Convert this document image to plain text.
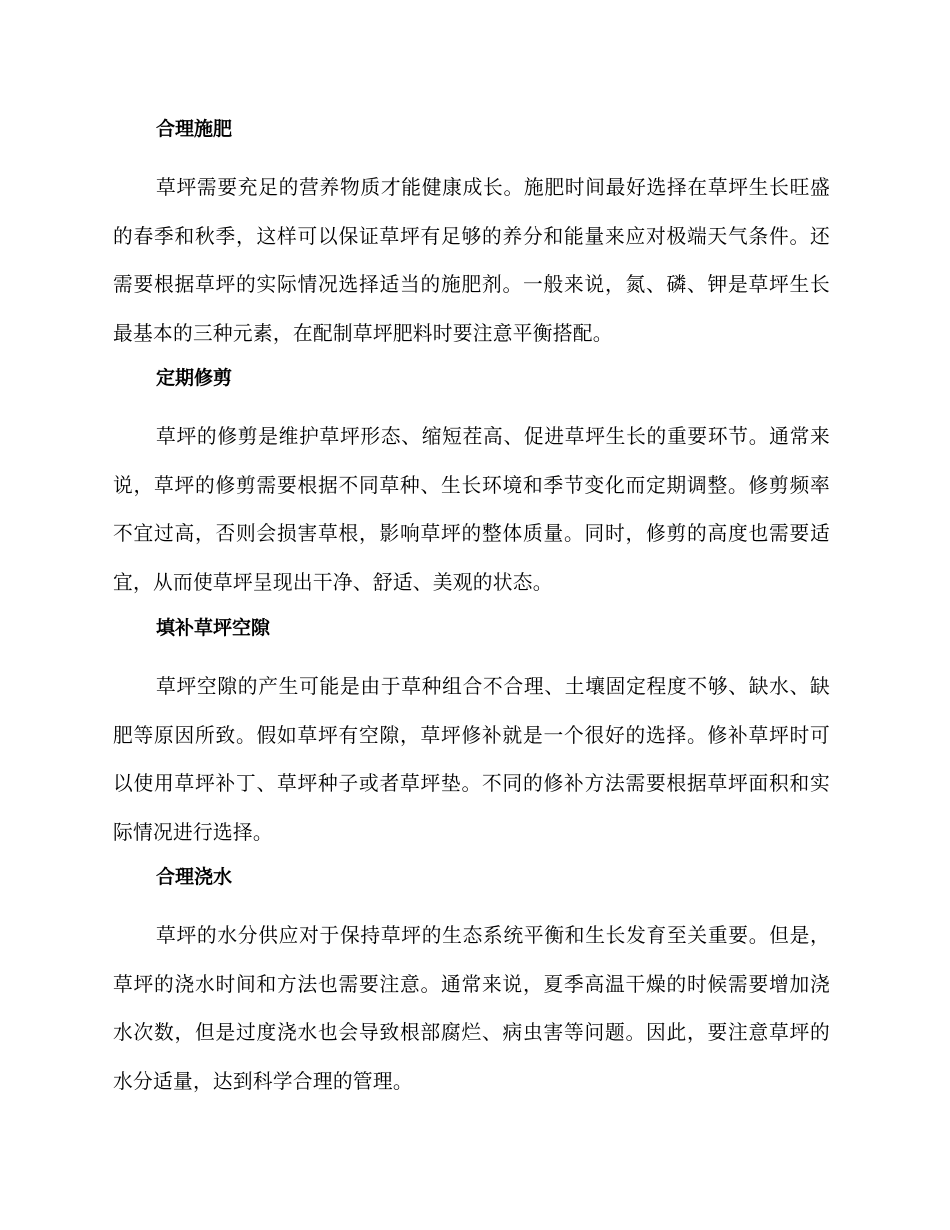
合理施肥

草坪需要充足的营养物质才能健康成长。施肥时间最好选择在草坪生长旺盛的春季和秋季，这样可以保证草坪有足够的养分和能量来应对极端天气条件。还需要根据草坪的实际情况选择适当的施肥剂。一般来说，氮、磷、钾是草坪生长最基本的三种元素，在配制草坪肥料时要注意平衡搭配。

定期修剪

草坪的修剪是维护草坪形态、缩短茬高、促进草坪生长的重要环节。通常来说，草坪的修剪需要根据不同草种、生长环境和季节变化而定期调整。修剪频率不宜过高，否则会损害草根，影响草坪的整体质量。同时，修剪的高度也需要适宜，从而使草坪呈现出干净、舒适、美观的状态。

填补草坪空隙

草坪空隙的产生可能是由于草种组合不合理、土壤固定程度不够、缺水、缺肥等原因所致。假如草坪有空隙，草坪修补就是一个很好的选择。修补草坪时可以使用草坪补丁、草坪种子或者草坪垫。不同的修补方法需要根据草坪面积和实际情况进行选择。

合理浇水

草坪的水分供应对于保持草坪的生态系统平衡和生长发育至关重要。但是，草坪的浇水时间和方法也需要注意。通常来说，夏季高温干燥的时候需要增加浇水次数，但是过度浇水也会导致根部腐烂、病虫害等问题。因此，要注意草坪的水分适量，达到科学合理的管理。
